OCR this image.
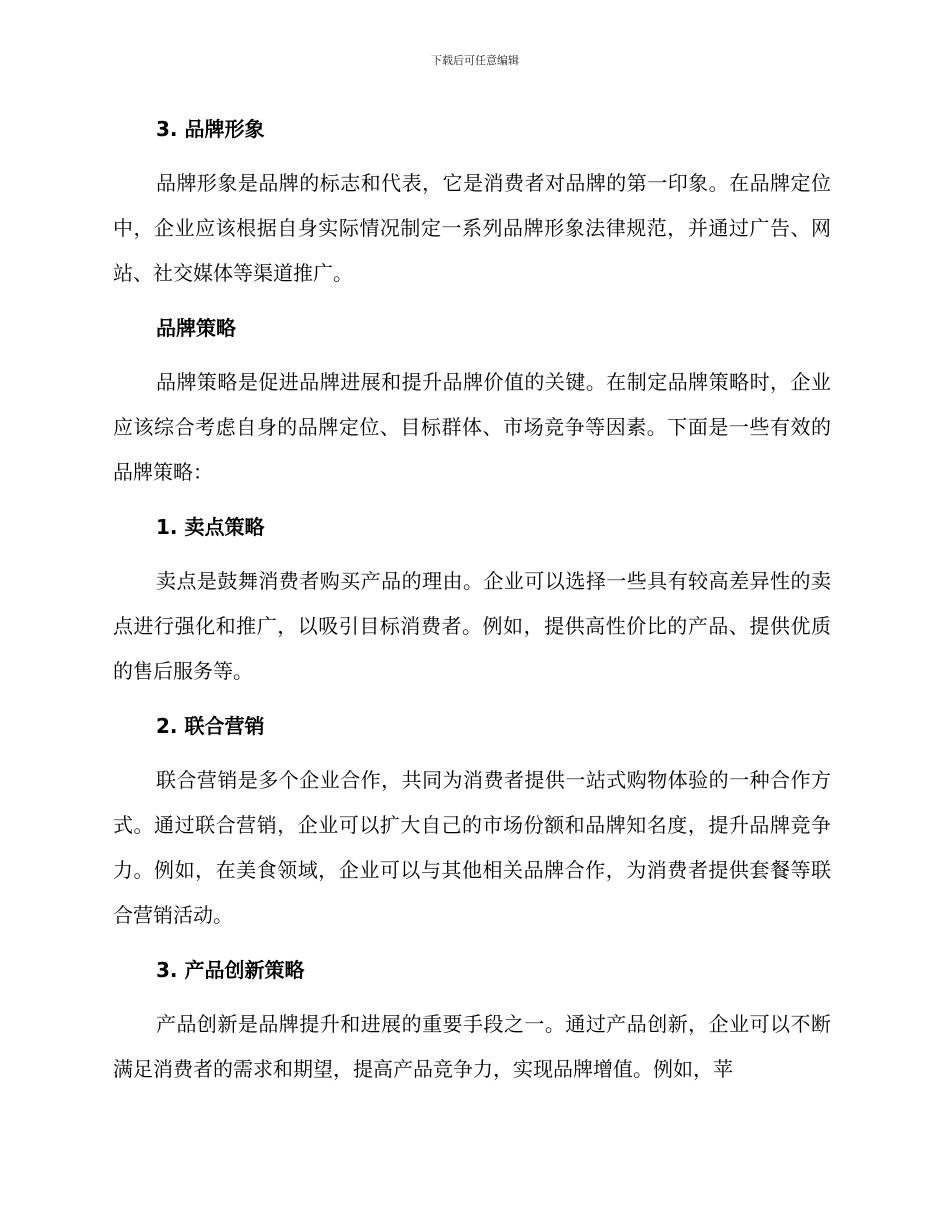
下载后可任意编辑
3. 品牌形象

品牌形象是品牌的标志和代表，它是消费者对品牌的第一印象。在品牌定位中，企业应该根据自身实际情况制定一系列品牌形象法律规范，并通过广告、网站、社交媒体等渠道推广。

品牌策略

品牌策略是促进品牌进展和提升品牌价值的关键。在制定品牌策略时，企业应该综合考虑自身的品牌定位、目标群体、市场竞争等因素。下面是一些有效的品牌策略：

1. 卖点策略

卖点是鼓舞消费者购买产品的理由。企业可以选择一些具有较高差异性的卖点进行强化和推广，以吸引目标消费者。例如，提供高性价比的产品、提供优质的售后服务等。

2. 联合营销

联合营销是多个企业合作，共同为消费者提供一站式购物体验的一种合作方式。通过联合营销，企业可以扩大自己的市场份额和品牌知名度，提升品牌竞争力。例如，在美食领域，企业可以与其他相关品牌合作，为消费者提供套餐等联合营销活动。

3. 产品创新策略

产品创新是品牌提升和进展的重要手段之一。通过产品创新，企业可以不断满足消费者的需求和期望，提高产品竞争力，实现品牌增值。例如，苹
